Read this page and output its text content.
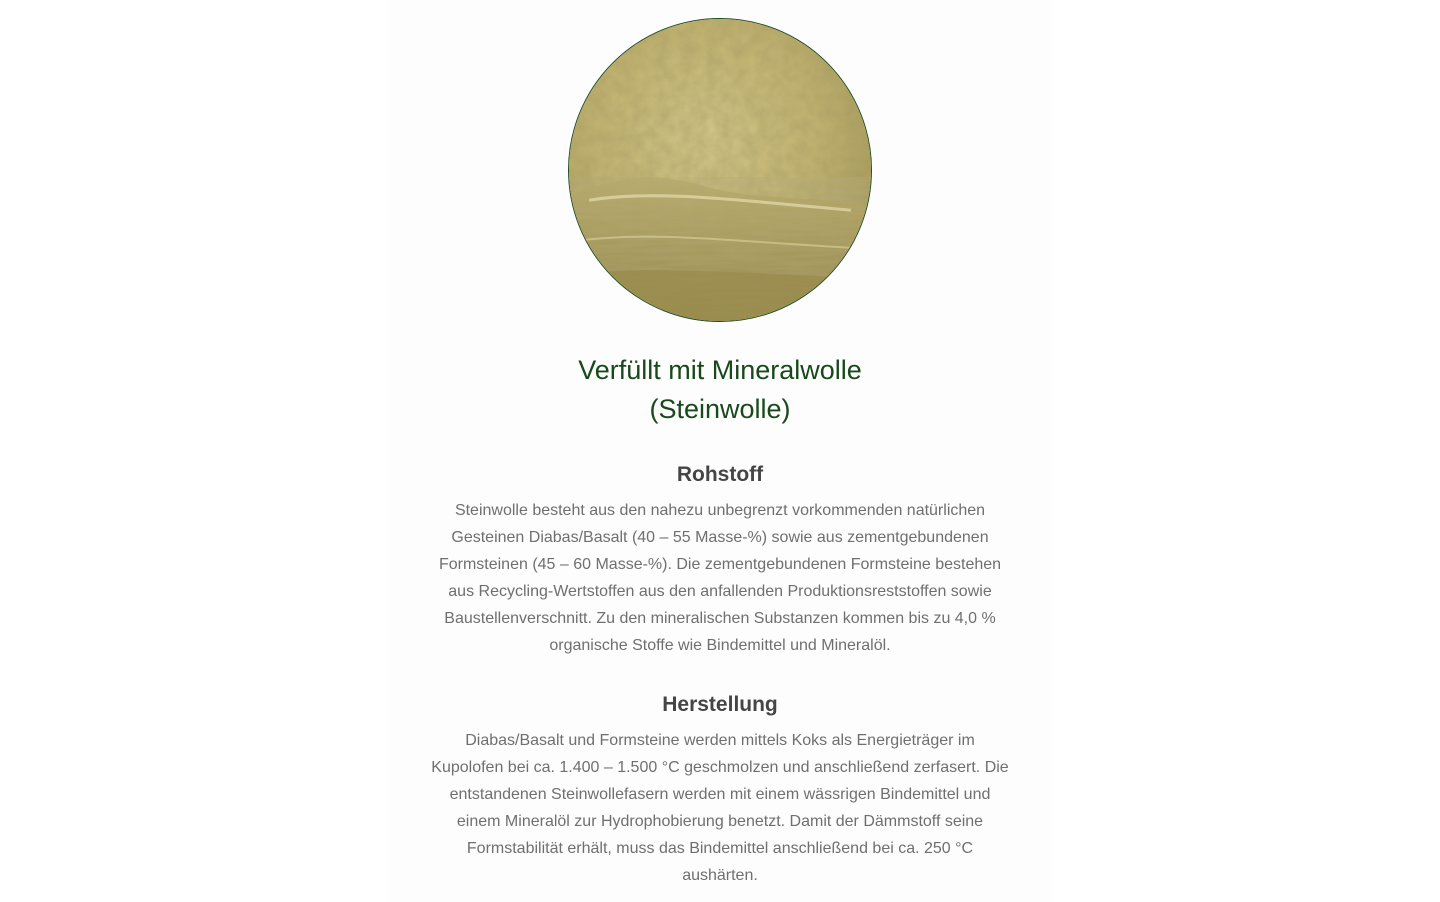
Verfüllt mit Mineralwolle
(Steinwolle)
Rohstoff

Steinwolle besteht aus den nahezu unbegrenzt vorkommenden natürlichen
Gesteinen Diabas/Basalt (40 – 55 Masse-%) sowie aus zementgebundenen
Formsteinen (45 – 60 Masse-%). Die zementgebundenen Formsteine bestehen
aus Recycling-Wertstoffen aus den anfallenden Produktionsreststoffen sowie
Baustellenverschnitt. Zu den mineralischen Substanzen kommen bis zu 4,0 %
organische Stoffe wie Bindemittel und Mineralöl.

Herstellung

Diabas/Basalt und Formsteine werden mittels Koks als Energieträger im
Kupolofen bei ca. 1.400 – 1.500 °C geschmolzen und anschließend zerfasert. Die
entstandenen Steinwollefasern werden mit einem wässrigen Bindemittel und
einem Mineralöl zur Hydrophobierung benetzt. Damit der Dämmstoff seine
Formstabilität erhält, muss das Bindemittel anschließend bei ca. 250 °C
aushärten.
